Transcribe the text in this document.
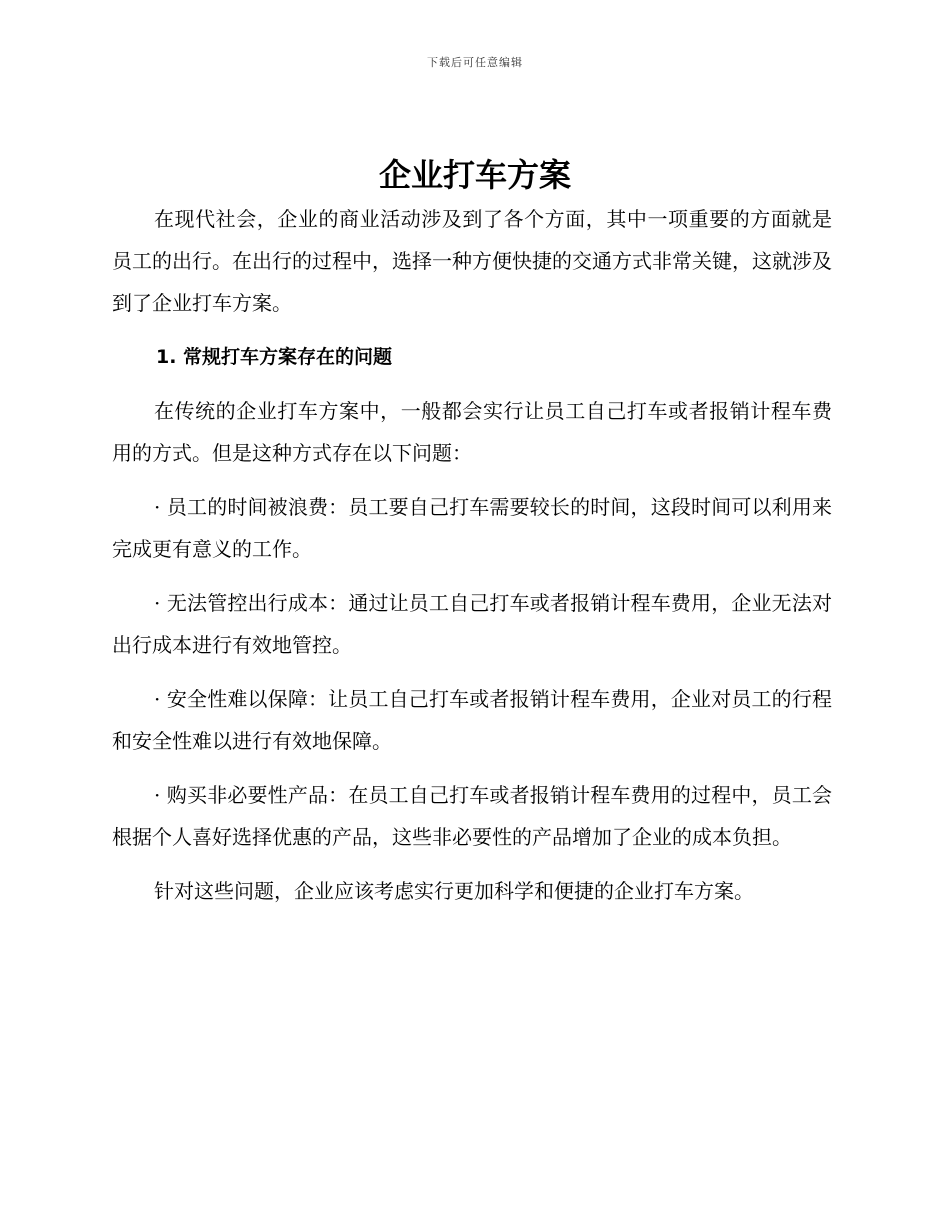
下载后可任意编辑
企业打车方案

在现代社会，企业的商业活动涉及到了各个方面，其中一项重要的方面就是员工的出行。在出行的过程中，选择一种方便快捷的交通方式非常关键，这就涉及到了企业打车方案。

1. 常规打车方案存在的问题

在传统的企业打车方案中，一般都会实行让员工自己打车或者报销计程车费用的方式。但是这种方式存在以下问题：

· 员工的时间被浪费：员工要自己打车需要较长的时间，这段时间可以利用来完成更有意义的工作。

· 无法管控出行成本：通过让员工自己打车或者报销计程车费用，企业无法对出行成本进行有效地管控。

· 安全性难以保障：让员工自己打车或者报销计程车费用，企业对员工的行程和安全性难以进行有效地保障。

· 购买非必要性产品：在员工自己打车或者报销计程车费用的过程中，员工会根据个人喜好选择优惠的产品，这些非必要性的产品增加了企业的成本负担。

针对这些问题，企业应该考虑实行更加科学和便捷的企业打车方案。
